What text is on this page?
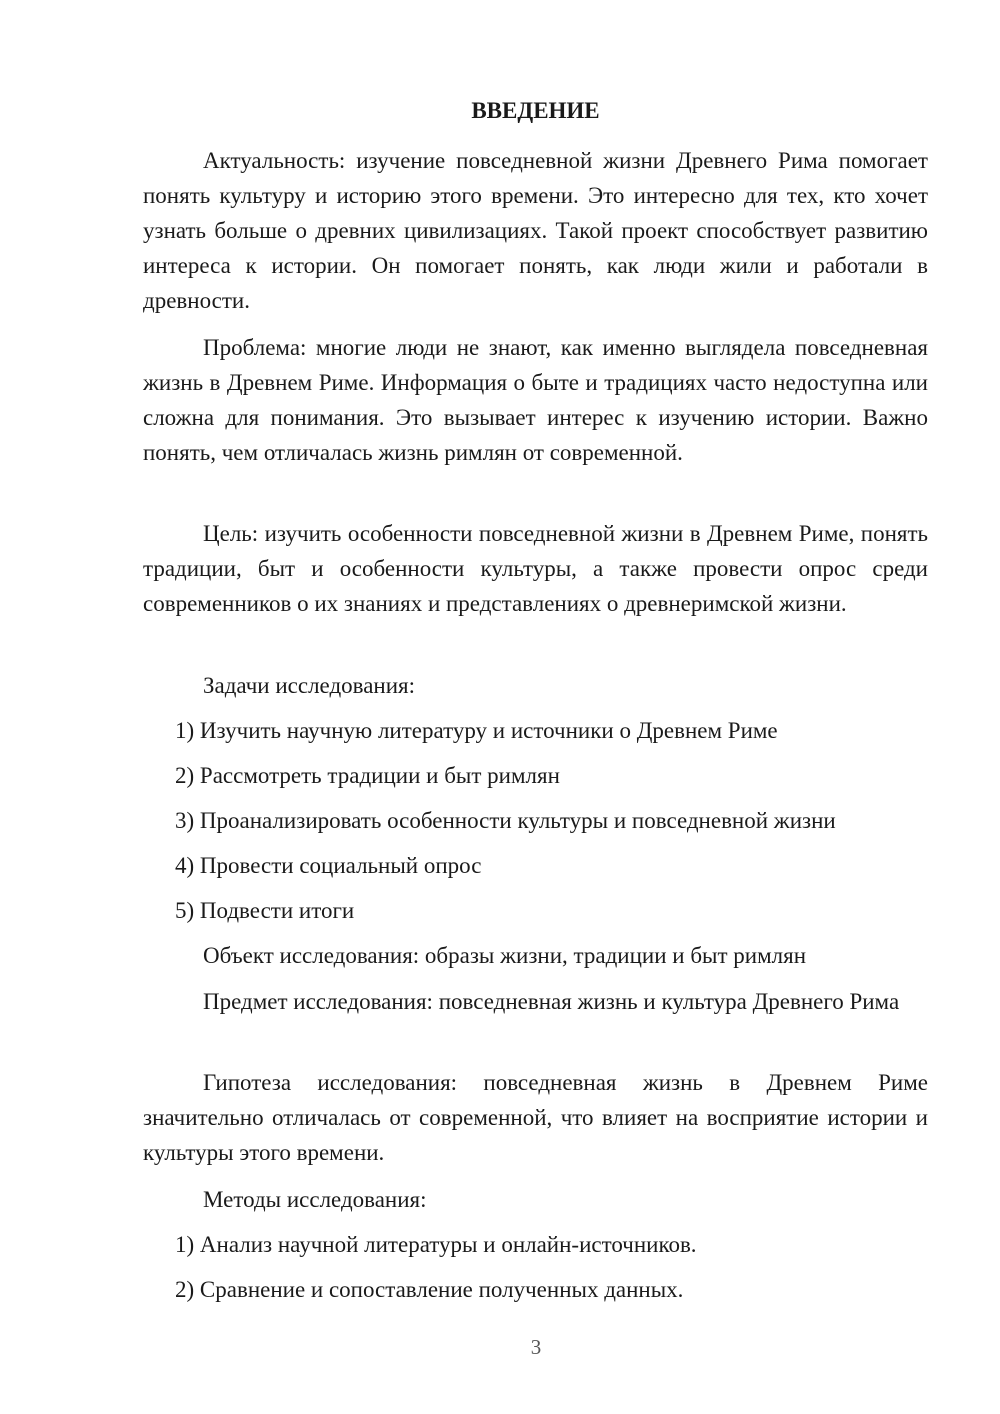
ВВЕДЕНИЕ

Актуальность: изучение повседневной жизни Древнего Рима помогает понять культуру и историю этого времени. Это интересно для тех, кто хочет узнать больше о древних цивилизациях. Такой проект способствует развитию интереса к истории. Он помогает понять, как люди жили и работали в древности.

Проблема: многие люди не знают, как именно выглядела повседневная жизнь в Древнем Риме. Информация о быте и традициях часто недоступна или сложна для понимания. Это вызывает интерес к изучению истории. Важно понять, чем отличалась жизнь римлян от современной.

Цель: изучить особенности повседневной жизни в Древнем Риме, понять традиции, быт и особенности культуры, а также провести опрос среди современников о их знаниях и представлениях о древнеримской жизни.

Задачи исследования:
1) Изучить научную литературу и источники о Древнем Риме
2) Рассмотреть традиции и быт римлян
3) Проанализировать особенности культуры и повседневной жизни
4) Провести социальный опрос
5) Подвести итоги
Объект исследования: образы жизни, традиции и быт римлян

Предмет исследования: повседневная жизнь и культура Древнего Рима

Гипотеза исследования: повседневная жизнь в Древнем Риме значительно отличалась от современной, что влияет на восприятие истории и культуры этого времени.

Методы исследования:
1) Анализ научной литературы и онлайн-источников.
2) Сравнение и сопоставление полученных данных.
3
